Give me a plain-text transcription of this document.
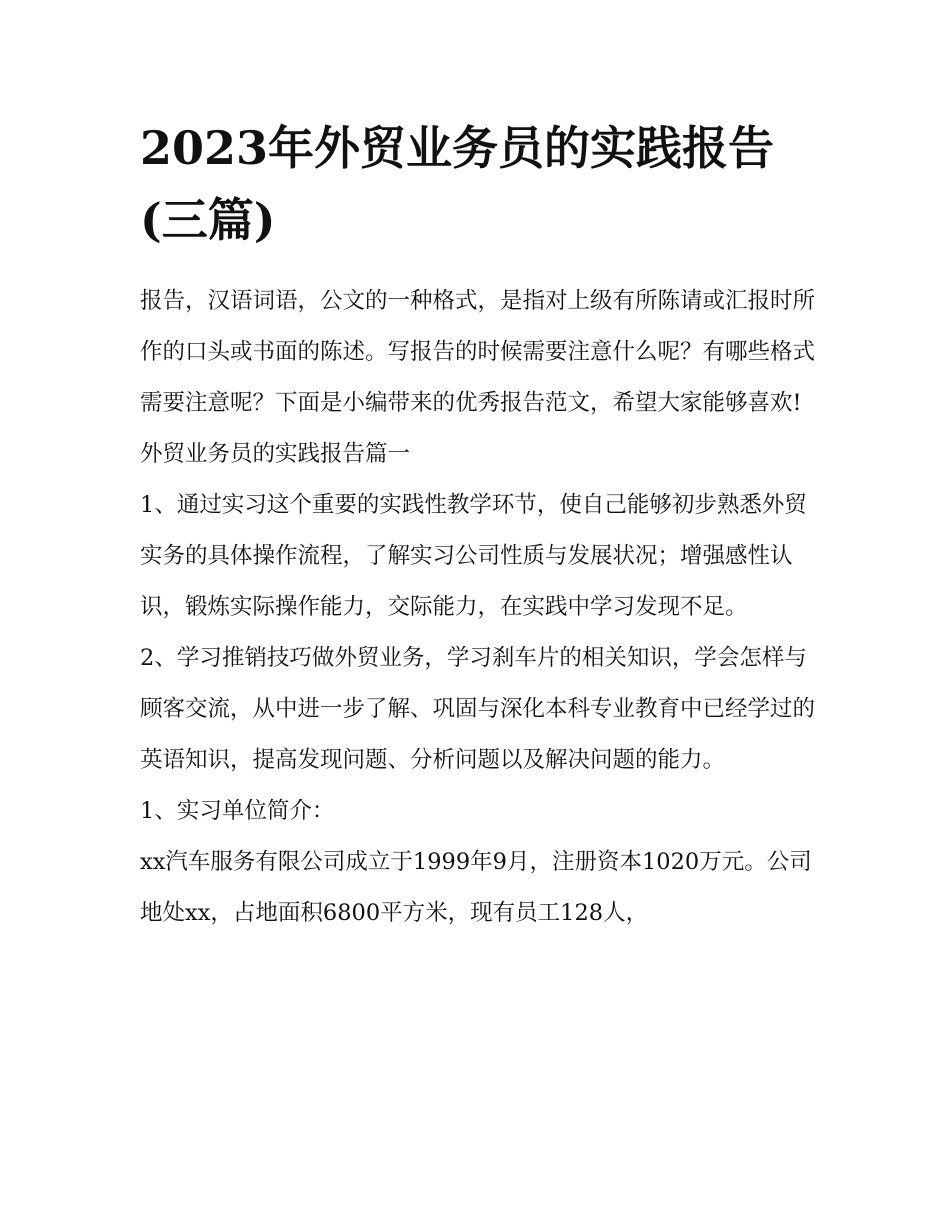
2023年外贸业务员的实践报告
(三篇)

报告，汉语词语，公文的一种格式，是指对上级有所陈请或汇报时所作的口头或书面的陈述。写报告的时候需要注意什么呢？有哪些格式需要注意呢？下面是小编带来的优秀报告范文，希望大家能够喜欢!

外贸业务员的实践报告篇一

1、通过实习这个重要的实践性教学环节，使自己能够初步熟悉外贸实务的具体操作流程，了解实习公司性质与发展状况；增强感性认识，锻炼实际操作能力，交际能力，在实践中学习发现不足。

2、学习推销技巧做外贸业务，学习刹车片的相关知识，学会怎样与顾客交流，从中进一步了解、巩固与深化本科专业教育中已经学过的英语知识，提高发现问题、分析问题以及解决问题的能力。

1、实习单位简介：

xx汽车服务有限公司成立于1999年9月，注册资本1020万元。公司地处xx，占地面积6800平方米，现有员工128人，
